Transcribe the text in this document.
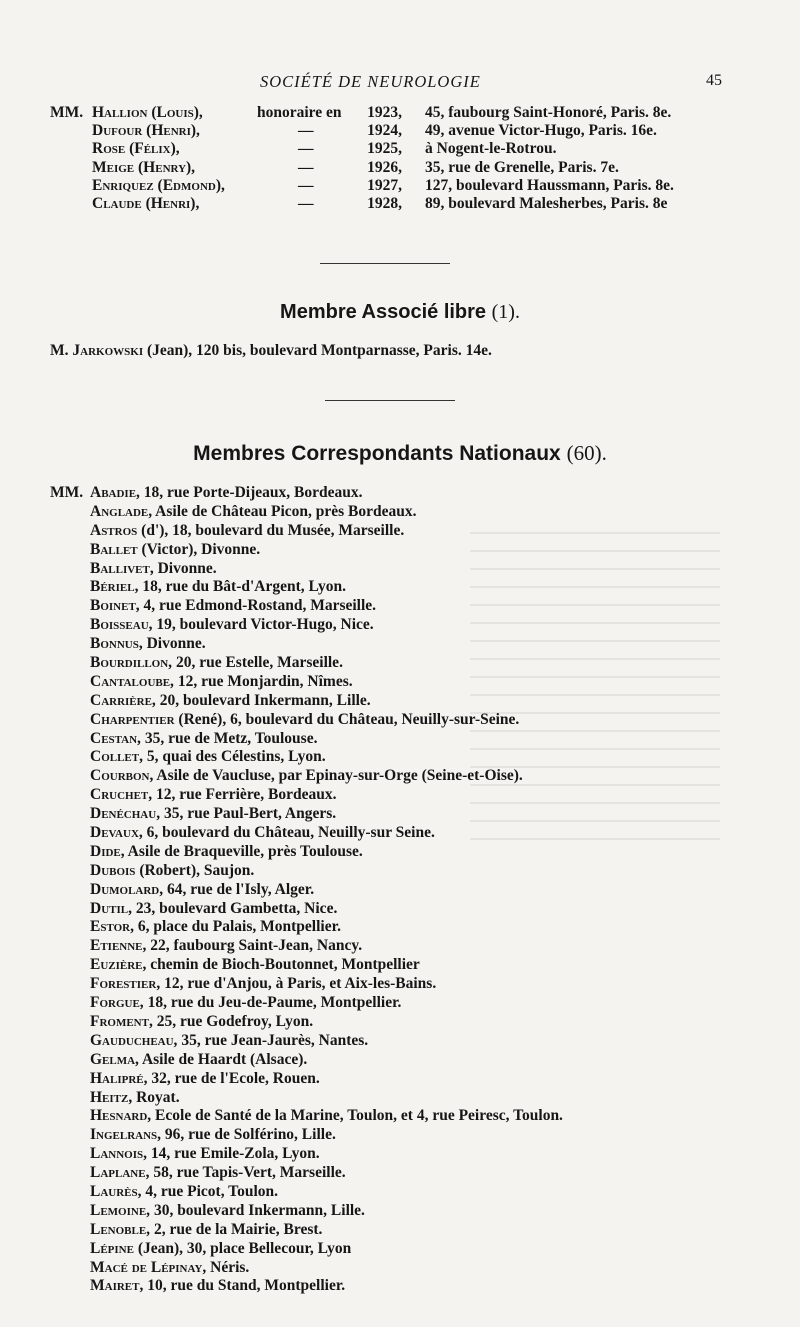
SOCIÉTÉ DE NEUROLOGIE	45
MM. Hallion (Louis),	honoraire en	1923, 45, faubourg Saint-Honoré, Paris. 8e.
Dufour (Henri),	—	1924, 49, avenue Victor-Hugo, Paris. 16e.
Rose (Félix),	—	1925, à Nogent-le-Rotrou.
Meige (Henry),	—	1926, 35, rue de Grenelle, Paris. 7e.
Enriquez (Edmond),	—	1927, 127, boulevard Haussmann, Paris. 8e.
Claude (Henri),	—	1928, 89, boulevard Malesherbes, Paris. 8e
Membre Associé libre (1).
M. Jarkowski (Jean), 120 bis, boulevard Montparnasse, Paris. 14e.
Membres Correspondants Nationaux (60).
MM. Abadie, 18, rue Porte-Dijeaux, Bordeaux.
Anglade, Asile de Château Picon, près Bordeaux.
Astros (d'), 18, boulevard du Musée, Marseille.
Ballet (Victor), Divonne.
Ballivet, Divonne.
Bériel, 18, rue du Bât-d'Argent, Lyon.
Boinet, 4, rue Edmond-Rostand, Marseille.
Boisseau, 19, boulevard Victor-Hugo, Nice.
Bonnus, Divonne.
Bourdillon, 20, rue Estelle, Marseille.
Cantaloube, 12, rue Monjardin, Nîmes.
Carrière, 20, boulevard Inkermann, Lille.
Charpentier (René), 6, boulevard du Château, Neuilly-sur-Seine.
Cestan, 35, rue de Metz, Toulouse.
Collet, 5, quai des Célestins, Lyon.
Courbon, Asile de Vaucluse, par Epinay-sur-Orge (Seine-et-Oise).
Cruchet, 12, rue Ferrière, Bordeaux.
Denéchau, 35, rue Paul-Bert, Angers.
Devaux, 6, boulevard du Château, Neuilly-sur Seine.
Dide, Asile de Braqueville, près Toulouse.
Dubois (Robert), Saujon.
Dumolard, 64, rue de l'Isly, Alger.
Dutil, 23, boulevard Gambetta, Nice.
Estor, 6, place du Palais, Montpellier.
Etienne, 22, faubourg Saint-Jean, Nancy.
Euzière, chemin de Bioch-Boutonnet, Montpellier
Forestier, 12, rue d'Anjou, à Paris, et Aix-les-Bains.
Forgue, 18, rue du Jeu-de-Paume, Montpellier.
Froment, 25, rue Godefroy, Lyon.
Gauducheau, 35, rue Jean-Jaurès, Nantes.
Gelma, Asile de Haardt (Alsace).
Halipré, 32, rue de l'Ecole, Rouen.
Heitz, Royat.
Hesnard, Ecole de Santé de la Marine, Toulon, et 4, rue Peiresc, Toulon.
Ingelrans, 96, rue de Solférino, Lille.
Lannois, 14, rue Emile-Zola, Lyon.
Laplane, 58, rue Tapis-Vert, Marseille.
Laurès, 4, rue Picot, Toulon.
Lemoine, 30, boulevard Inkermann, Lille.
Lenoble, 2, rue de la Mairie, Brest.
Lépine (Jean), 30, place Bellecour, Lyon
Macé de Lépinay, Néris.
Mairet, 10, rue du Stand, Montpellier.
